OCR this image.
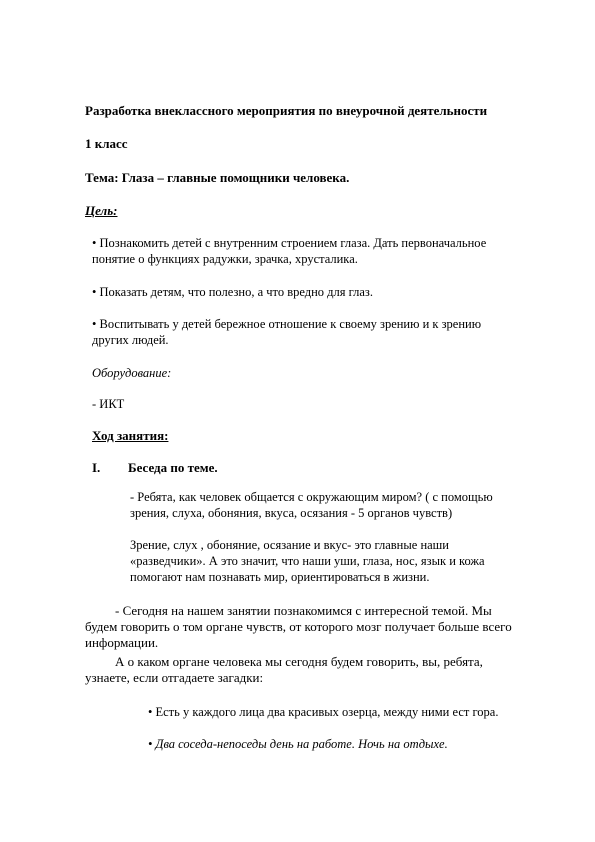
Разработка внеклассного мероприятия по внеурочной деятельности
1 класс
Тема: Глаза – главные помощники человека.
Цель:
• Познакомить детей с внутренним строением глаза. Дать первоначальное
понятие о функциях радужки, зрачка, хрусталика.
• Показать детям, что полезно, а что вредно для глаз.
• Воспитывать у детей бережное отношение к своему зрению и к зрению
других людей.
Оборудование:
- ИКТ
Ход занятия:
I. Беседа по теме.
- Ребята, как человек общается с окружающим миром? ( с помощью
зрения, слуха, обоняния, вкуса, осязания - 5 органов чувств)
Зрение, слух , обоняние, осязание и вкус- это главные наши
«разведчики». А это значит, что наши уши, глаза, нос, язык и кожа
помогают нам познавать мир, ориентироваться в жизни.
- Сегодня на нашем занятии познакомимся с интересной темой. Мы
будем говорить о том органе чувств, от которого мозг получает больше всего
информации.
А о каком органе человека мы сегодня будем говорить, вы, ребята,
узнаете, если отгадаете загадки:
• Есть у каждого лица два красивых озерца, между ними ест гора.
• Два соседа-непоседы день на работе. Ночь на отдыхе.
